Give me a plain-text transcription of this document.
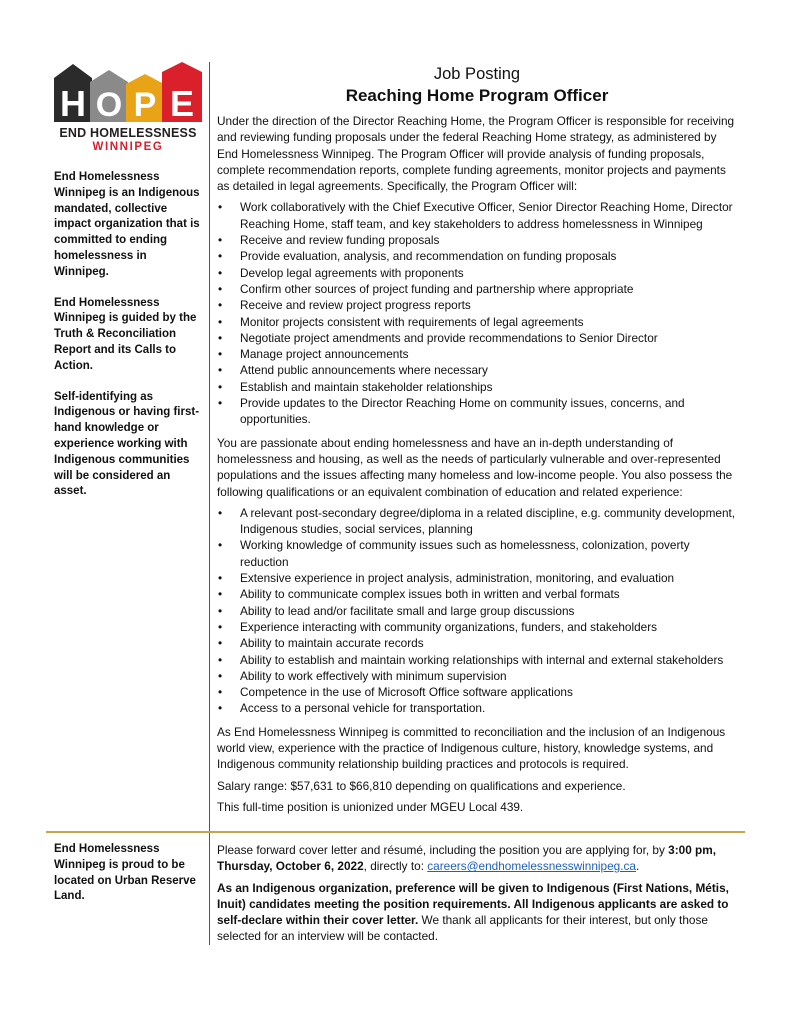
H O P E
END HOMELESSNESS
WINNIPEG

End Homelessness Winnipeg is an Indigenous mandated, collective impact organization that is committed to ending homelessness in Winnipeg.

End Homelessness Winnipeg is guided by the Truth & Reconciliation Report and its Calls to Action.

Self-identifying as Indigenous or having first-hand knowledge or experience working with Indigenous communities will be considered an asset.

End Homelessness Winnipeg is proud to be located on Urban Reserve Land.

Job Posting
Reaching Home Program Officer

Under the direction of the Director Reaching Home, the Program Officer is responsible for receiving and reviewing funding proposals under the federal Reaching Home strategy, as administered by End Homelessness Winnipeg. The Program Officer will provide analysis of funding proposals, complete recommendation reports, complete funding agreements, monitor projects and payments as detailed in legal agreements. Specifically, the Program Officer will:

• Work collaboratively with the Chief Executive Officer, Senior Director Reaching Home, Director Reaching Home, staff team, and key stakeholders to address homelessness in Winnipeg
• Receive and review funding proposals
• Provide evaluation, analysis, and recommendation on funding proposals
• Develop legal agreements with proponents
• Confirm other sources of project funding and partnership where appropriate
• Receive and review project progress reports
• Monitor projects consistent with requirements of legal agreements
• Negotiate project amendments and provide recommendations to Senior Director
• Manage project announcements
• Attend public announcements where necessary
• Establish and maintain stakeholder relationships
• Provide updates to the Director Reaching Home on community issues, concerns, and opportunities.

You are passionate about ending homelessness and have an in-depth understanding of homelessness and housing, as well as the needs of particularly vulnerable and over-represented populations and the issues affecting many homeless and low-income people. You also possess the following qualifications or an equivalent combination of education and related experience:

• A relevant post-secondary degree/diploma in a related discipline, e.g. community development, Indigenous studies, social services, planning
• Working knowledge of community issues such as homelessness, colonization, poverty reduction
• Extensive experience in project analysis, administration, monitoring, and evaluation
• Ability to communicate complex issues both in written and verbal formats
• Ability to lead and/or facilitate small and large group discussions
• Experience interacting with community organizations, funders, and stakeholders
• Ability to maintain accurate records
• Ability to establish and maintain working relationships with internal and external stakeholders
• Ability to work effectively with minimum supervision
• Competence in the use of Microsoft Office software applications
• Access to a personal vehicle for transportation.

As End Homelessness Winnipeg is committed to reconciliation and the inclusion of an Indigenous world view, experience with the practice of Indigenous culture, history, knowledge systems, and Indigenous community relationship building practices and protocols is required.

Salary range: $57,631 to $66,810 depending on qualifications and experience.

This full-time position is unionized under MGEU Local 439.

Please forward cover letter and résumé, including the position you are applying for, by 3:00 pm, Thursday, October 6, 2022, directly to: careers@endhomelessnesswinnipeg.ca.

As an Indigenous organization, preference will be given to Indigenous (First Nations, Métis, Inuit) candidates meeting the position requirements. All Indigenous applicants are asked to self-declare within their cover letter. We thank all applicants for their interest, but only those selected for an interview will be contacted.
